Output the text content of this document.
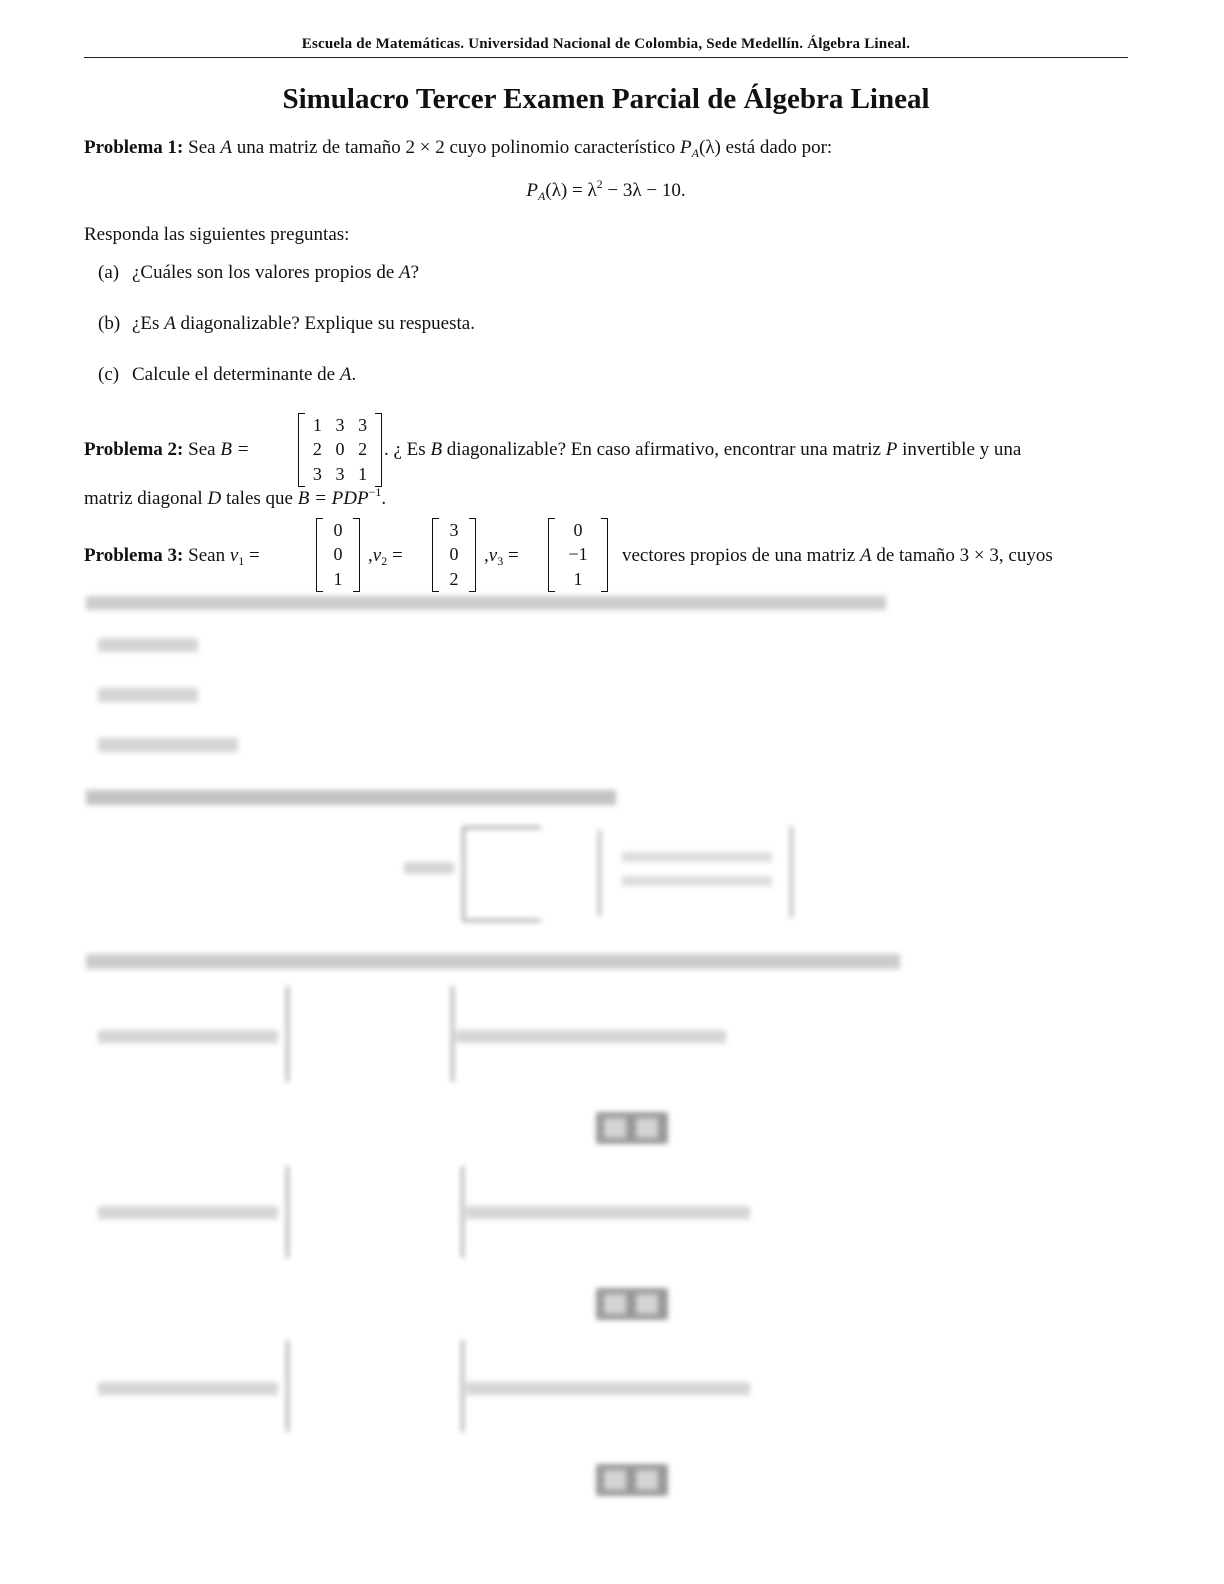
Escuela de Matemáticas. Universidad Nacional de Colombia, Sede Medellín. Álgebra Lineal.
Simulacro Tercer Examen Parcial de Álgebra Lineal
Problema 1: Sea A una matriz de tamaño 2 × 2 cuyo polinomio característico $P_A(\lambda)$ está dado por:
$P_A(\lambda) = \lambda^2 - 3\lambda - 10$.
Responda las siguientes preguntas:
(a) ¿Cuáles son los valores propios de A?
(b) ¿Es A diagonalizable? Explique su respuesta.
(c) Calcule el determinante de A.
Problema 2: Sea B =
1 3 3
2 0 2
3 3 1
. ¿ Es B diagonalizable? En caso afirmativo, encontrar una matriz P invertible y una
matriz diagonal D tales que $B = PDP^{-1}$.
Problema 3: Sean $v_1$ =
0
0
1
$,v_2$ =
3
0
2
$,v_3$ =
0
−1
1
vectores propios de una matriz A de tamaño 3 × 3, cuyos
